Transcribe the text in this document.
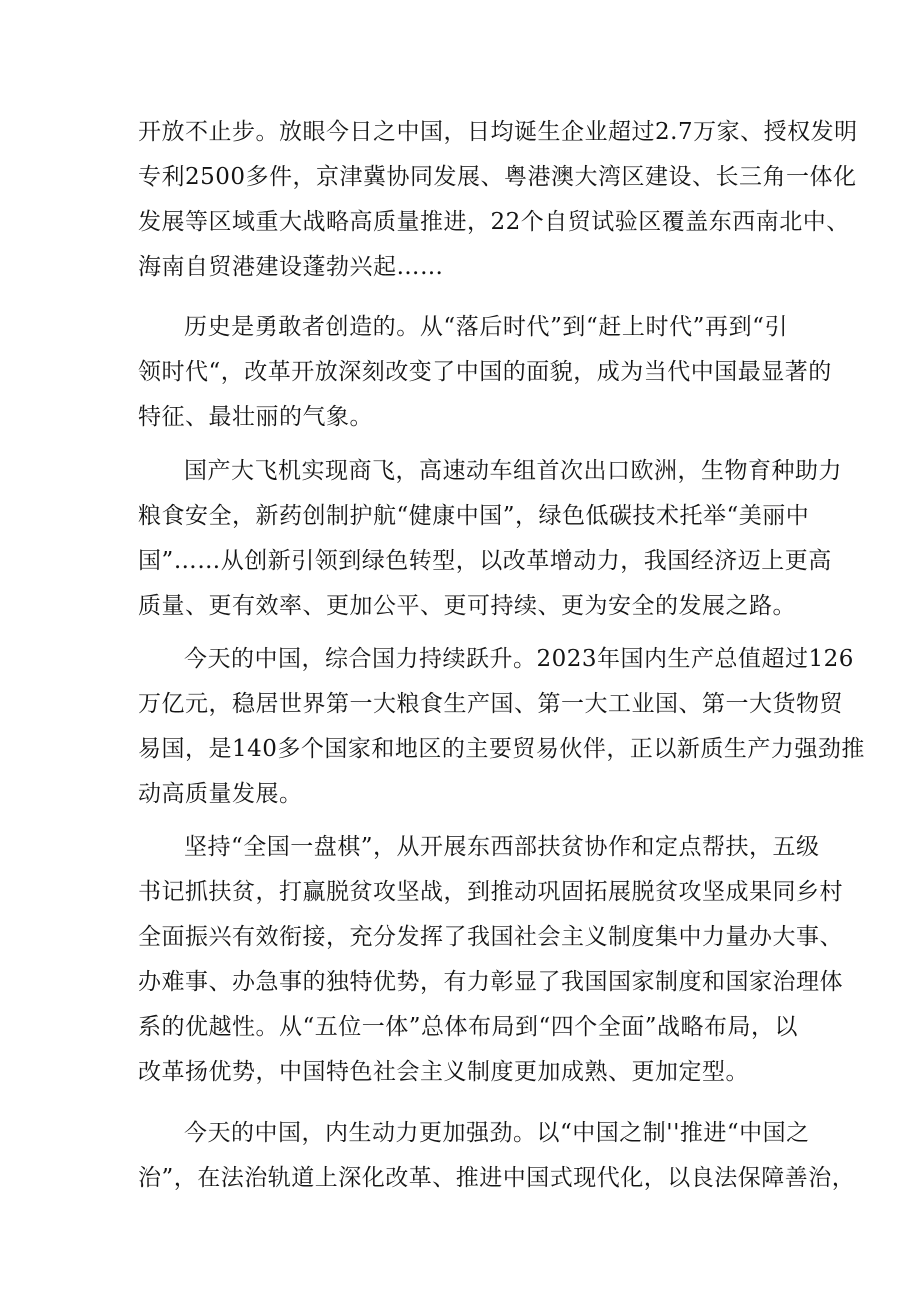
开放不止步。放眼今日之中国，日均诞生企业超过2.7万家、授权发明
专利2500多件，京津冀协同发展、粤港澳大湾区建设、长三角一体化
发展等区域重大战略高质量推进，22个自贸试验区覆盖东西南北中、
海南自贸港建设蓬勃兴起……
历史是勇敢者创造的。从“落后时代”到“赶上时代”再到“引
领时代“，改革开放深刻改变了中国的面貌，成为当代中国最显著的
特征、最壮丽的气象。
国产大飞机实现商飞，高速动车组首次出口欧洲，生物育种助力
粮食安全，新药创制护航“健康中国”，绿色低碳技术托举“美丽中
国”……从创新引领到绿色转型，以改革增动力，我国经济迈上更高
质量、更有效率、更加公平、更可持续、更为安全的发展之路。
今天的中国，综合国力持续跃升。2023年国内生产总值超过126
万亿元，稳居世界第一大粮食生产国、第一大工业国、第一大货物贸
易国，是140多个国家和地区的主要贸易伙伴，正以新质生产力强劲推
动高质量发展。
坚持“全国一盘棋”，从开展东西部扶贫协作和定点帮扶，五级
书记抓扶贫，打赢脱贫攻坚战，到推动巩固拓展脱贫攻坚成果同乡村
全面振兴有效衔接，充分发挥了我国社会主义制度集中力量办大事、
办难事、办急事的独特优势，有力彰显了我国国家制度和国家治理体
系的优越性。从“五位一体”总体布局到“四个全面”战略布局，以
改革扬优势，中国特色社会主义制度更加成熟、更加定型。
今天的中国，内生动力更加强劲。以“中国之制''推进“中国之
治”，在法治轨道上深化改革、推进中国式现代化，以良法保障善治，
